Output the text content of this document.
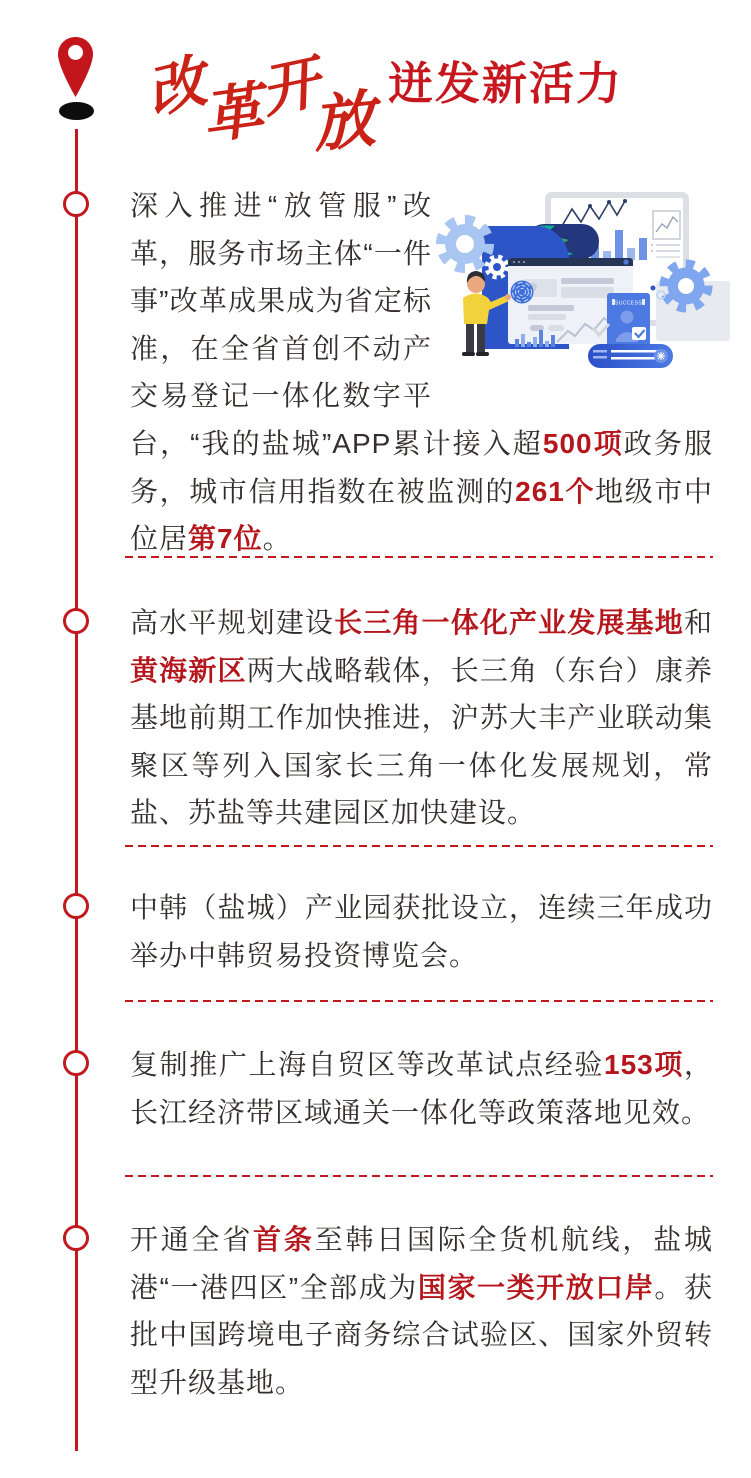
改
革
开
放
迸发新活力

SUCCESS
深入推进“放管服”改革，服务市场主体“一件事”改革成果成为省定标准，在全省首创不动产交易登记一体化数字平台，“我的盐城”APP累计接入超500项政务服务，城市信用指数在被监测的261个地级市中位居第7位。

高水平规划建设长三角一体化产业发展基地和黄海新区两大战略载体，长三角（东台）康养基地前期工作加快推进，沪苏大丰产业联动集聚区等列入国家长三角一体化发展规划，常盐、苏盐等共建园区加快建设。

中韩（盐城）产业园获批设立，连续三年成功举办中韩贸易投资博览会。

复制推广上海自贸区等改革试点经验153项，长江经济带区域通关一体化等政策落地见效。

开通全省首条至韩日国际全货机航线，盐城港“一港四区”全部成为国家一类开放口岸。获批中国跨境电子商务综合试验区、国家外贸转型升级基地。
